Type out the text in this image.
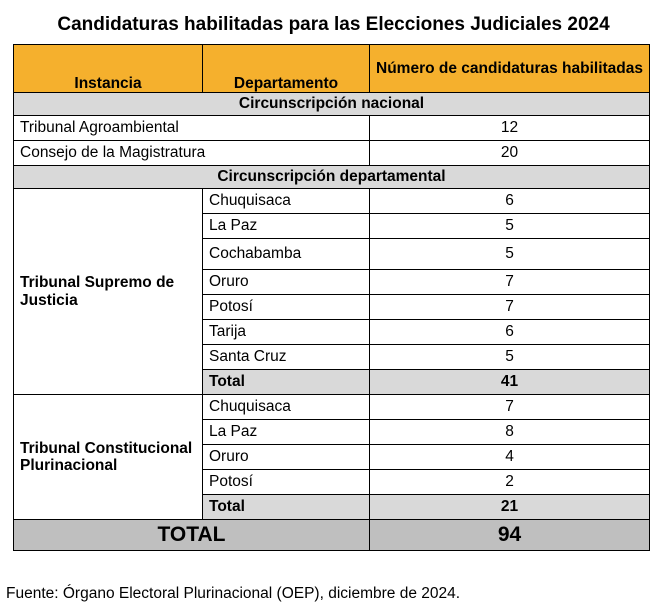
Candidaturas habilitadas para las Elecciones Judiciales 2024
Instancia	Departamento	Número de candidaturas habilitadas
Circunscripción nacional		
Tribunal Agroambiental		12
Consejo de la Magistratura		20
Circunscripción departamental		
Tribunal Supremo de Justicia	Chuquisaca	6
	La Paz	5
	Cochabamba	5
	Oruro	7
	Potosí	7
	Tarija	6
	Santa Cruz	5
	Total	41
Tribunal Constitucional Plurinacional	Chuquisaca	7
	La Paz	8
	Oruro	4
	Potosí	2
	Total	21
TOTAL		94
Fuente: Órgano Electoral Plurinacional (OEP), diciembre de 2024.
